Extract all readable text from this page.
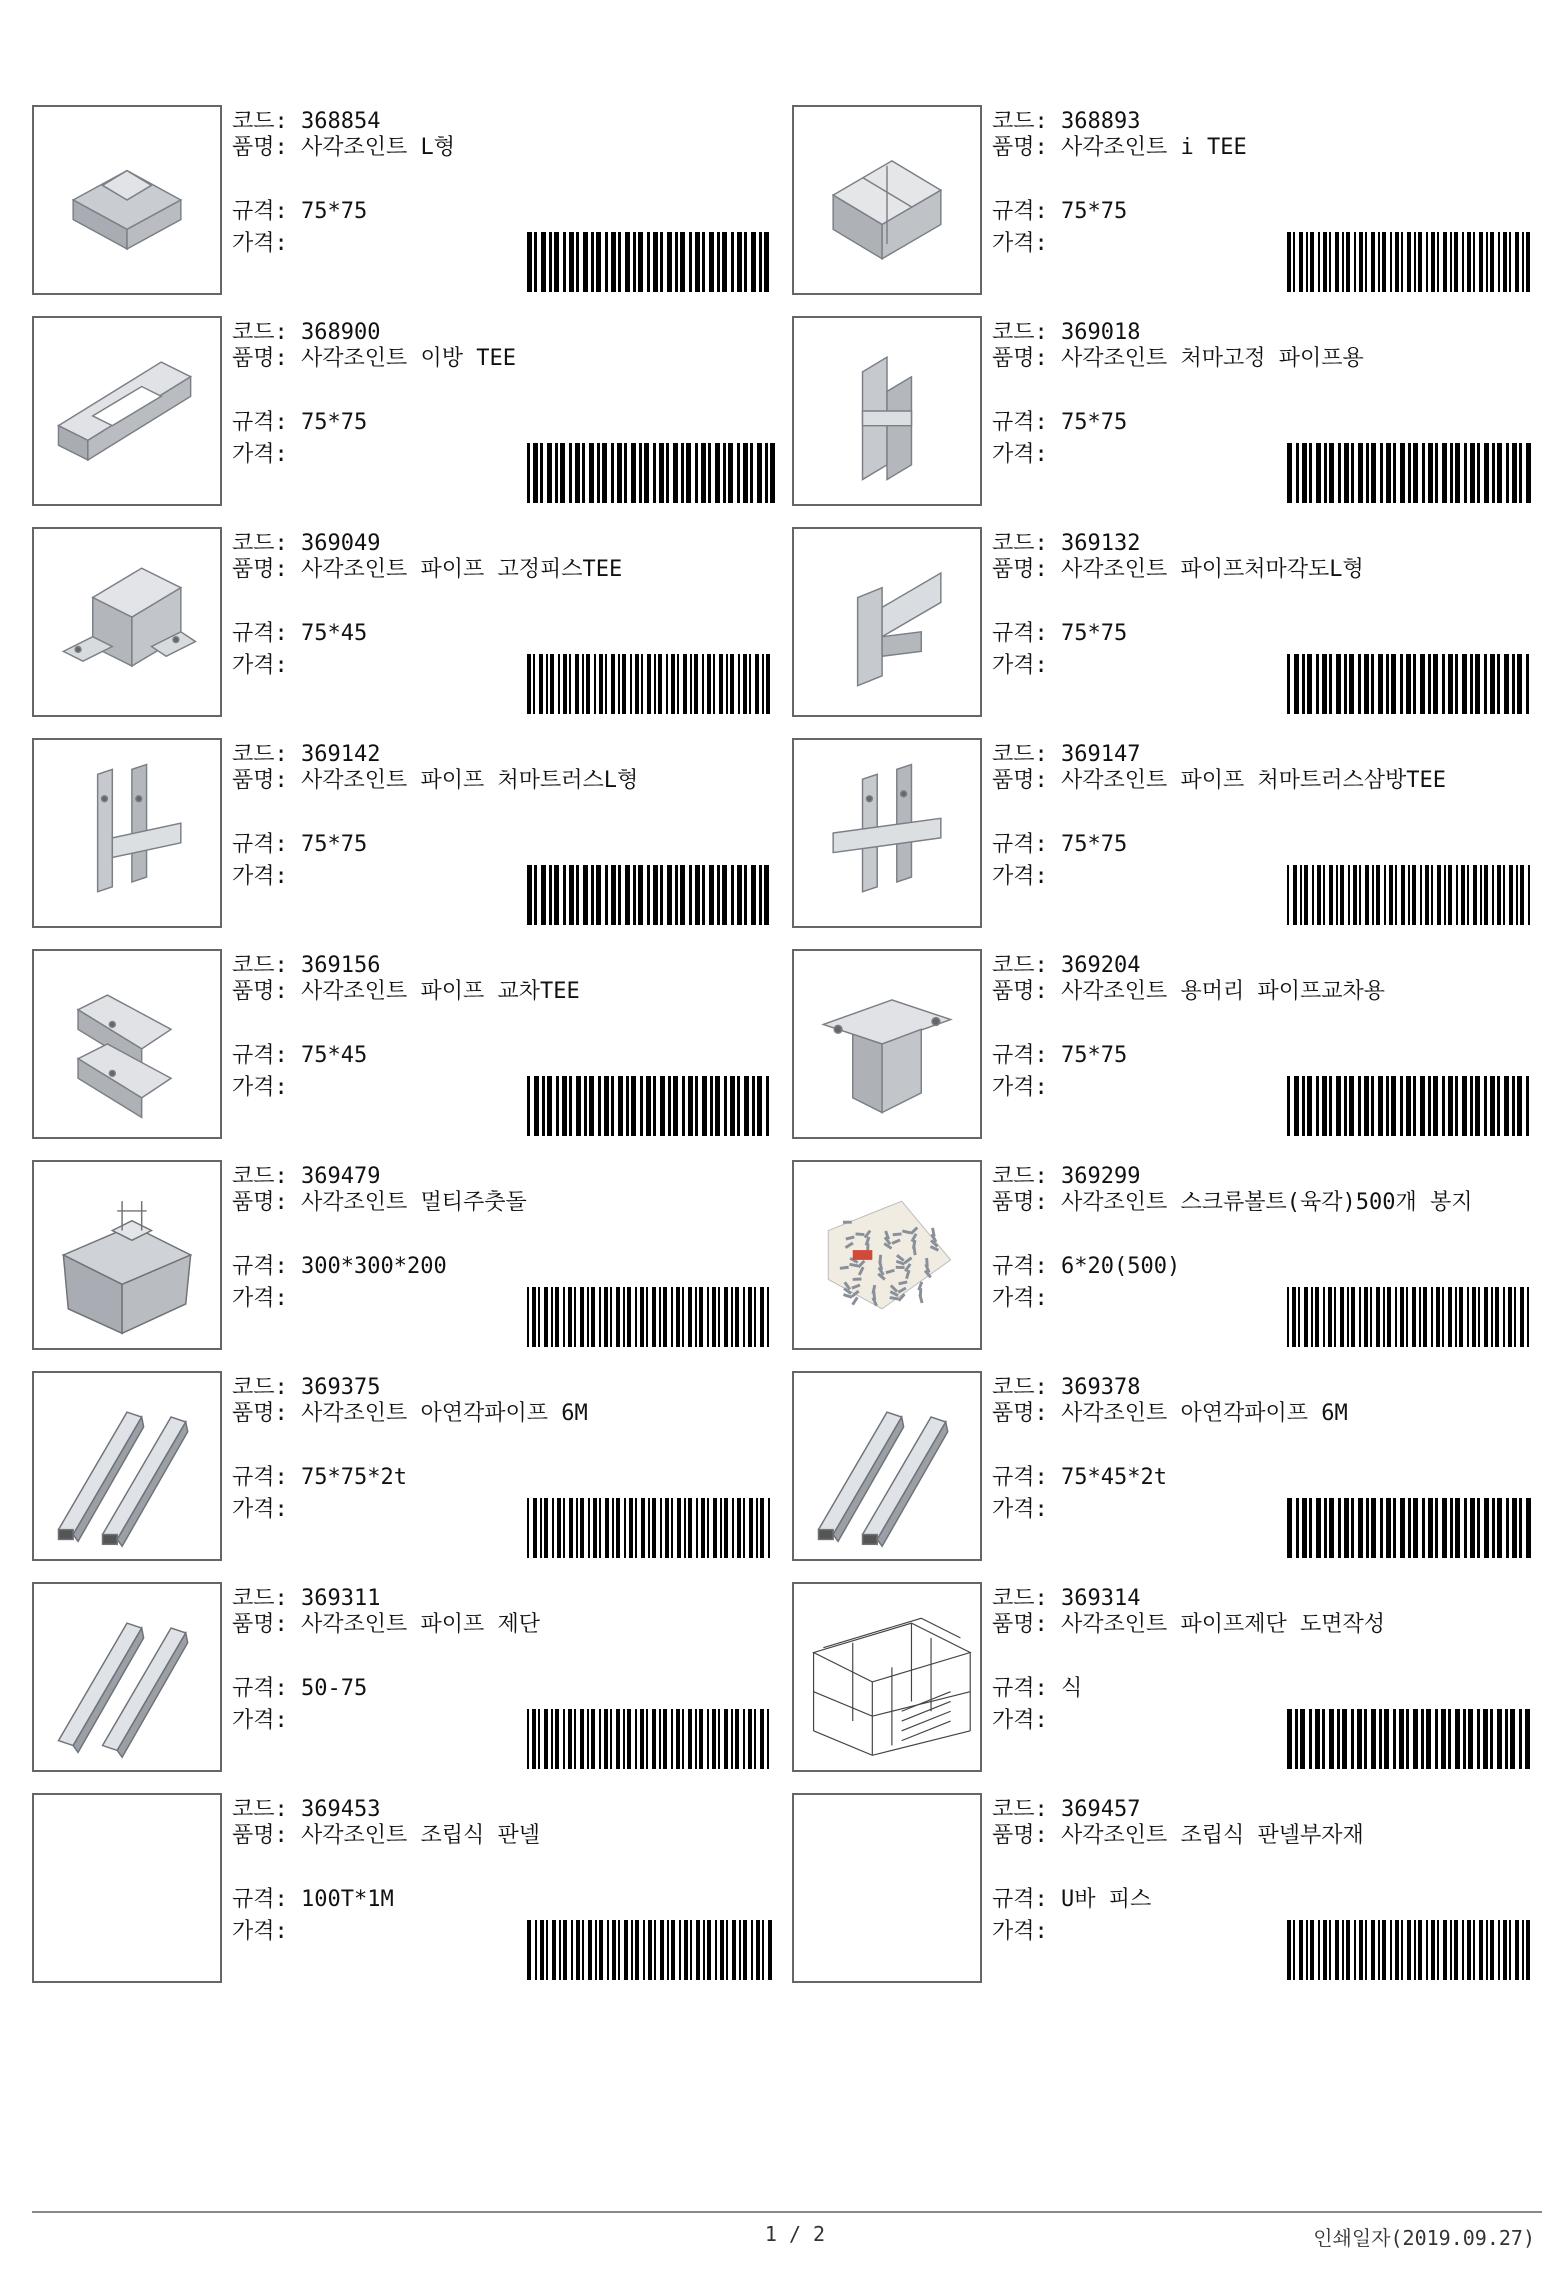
코드: 368854
품명: 사각조인트 L형
규격: 75*75
가격:
코드: 368893
품명: 사각조인트 i TEE
규격: 75*75
가격:
코드: 368900
품명: 사각조인트 이방 TEE
규격: 75*75
가격:
코드: 369018
품명: 사각조인트 처마고정 파이프용
규격: 75*75
가격:
코드: 369049
품명: 사각조인트 파이프 고정피스TEE
규격: 75*45
가격:
코드: 369132
품명: 사각조인트 파이프처마각도L형
규격: 75*75
가격:
코드: 369142
품명: 사각조인트 파이프 처마트러스L형
규격: 75*75
가격:
코드: 369147
품명: 사각조인트 파이프 처마트러스삼방TEE
규격: 75*75
가격:
코드: 369156
품명: 사각조인트 파이프 교차TEE
규격: 75*45
가격:
코드: 369204
품명: 사각조인트 용머리 파이프교차용
규격: 75*75
가격:
코드: 369479
품명: 사각조인트 멀티주춧돌
규격: 300*300*200
가격:
코드: 369299
품명: 사각조인트 스크류볼트(육각)500개 봉지
규격: 6*20(500)
가격:
코드: 369375
품명: 사각조인트 아연각파이프 6M
규격: 75*75*2t
가격:
코드: 369378
품명: 사각조인트 아연각파이프 6M
규격: 75*45*2t
가격:
코드: 369311
품명: 사각조인트 파이프 제단
규격: 50-75
가격:
코드: 369314
품명: 사각조인트 파이프제단 도면작성
규격: 식
가격:
코드: 369453
품명: 사각조인트 조립식 판넬
규격: 100T*1M
가격:
코드: 369457
품명: 사각조인트 조립식 판넬부자재
규격: U바 피스
가격:
1 / 2	인쇄일자(2019.09.27)
